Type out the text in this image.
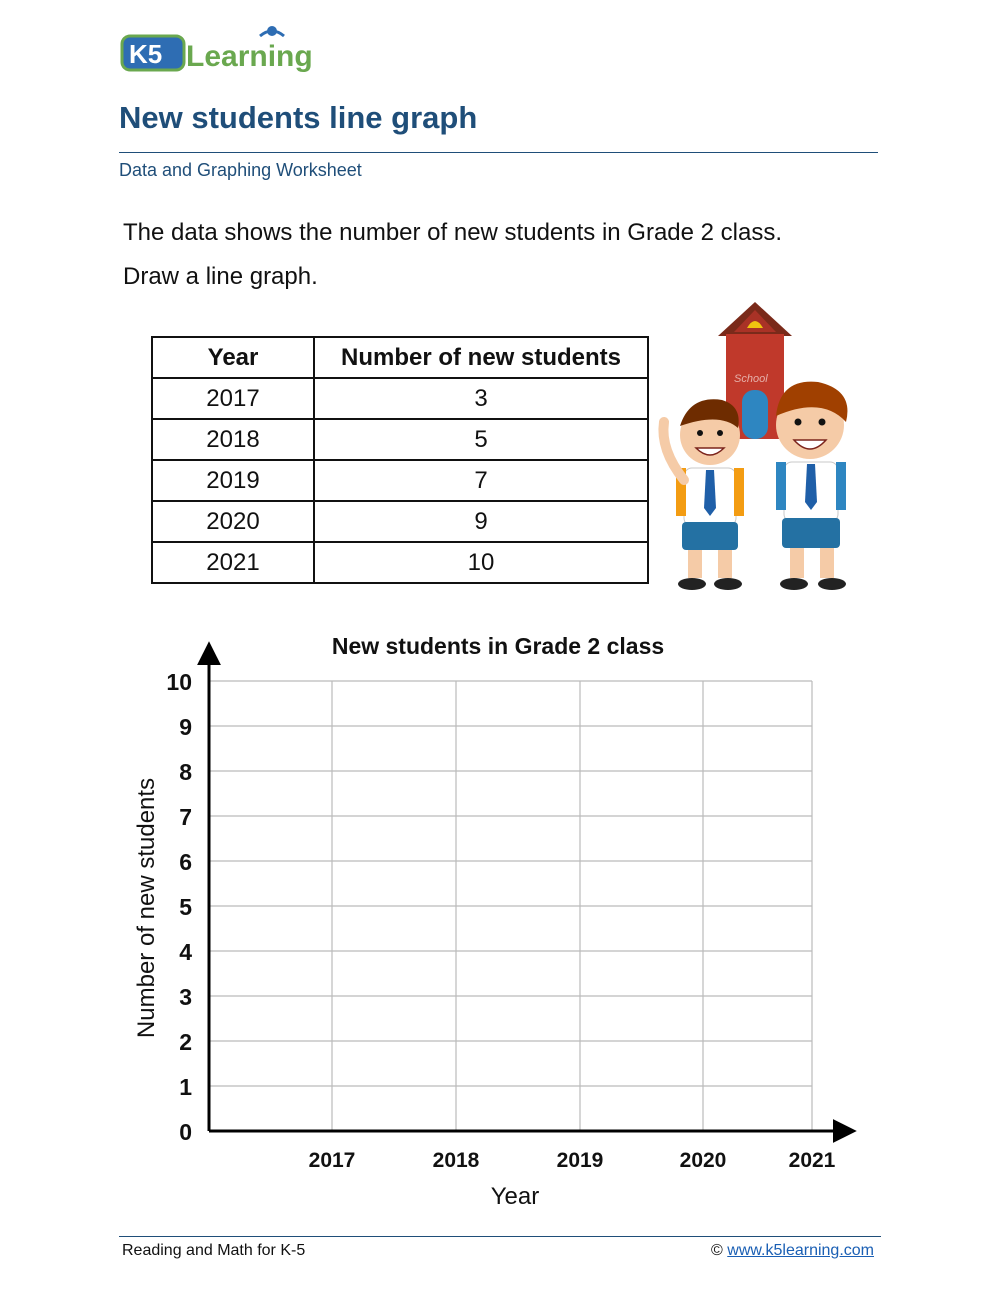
K5 Learning
New students line graph
Data and Graphing Worksheet
The data shows the number of new students in Grade 2 class.
Draw a line graph.
Year	Number of new students
2017	3
2018	5
2019	7
2020	9
2021	10
School
New students in Grade 2 class
0
1
2
3
4
5
6
7
8
9
10
2017	2018	2019	2020	2021
Number of new students
Year
Reading and Math for K-5	© www.k5learning.com
